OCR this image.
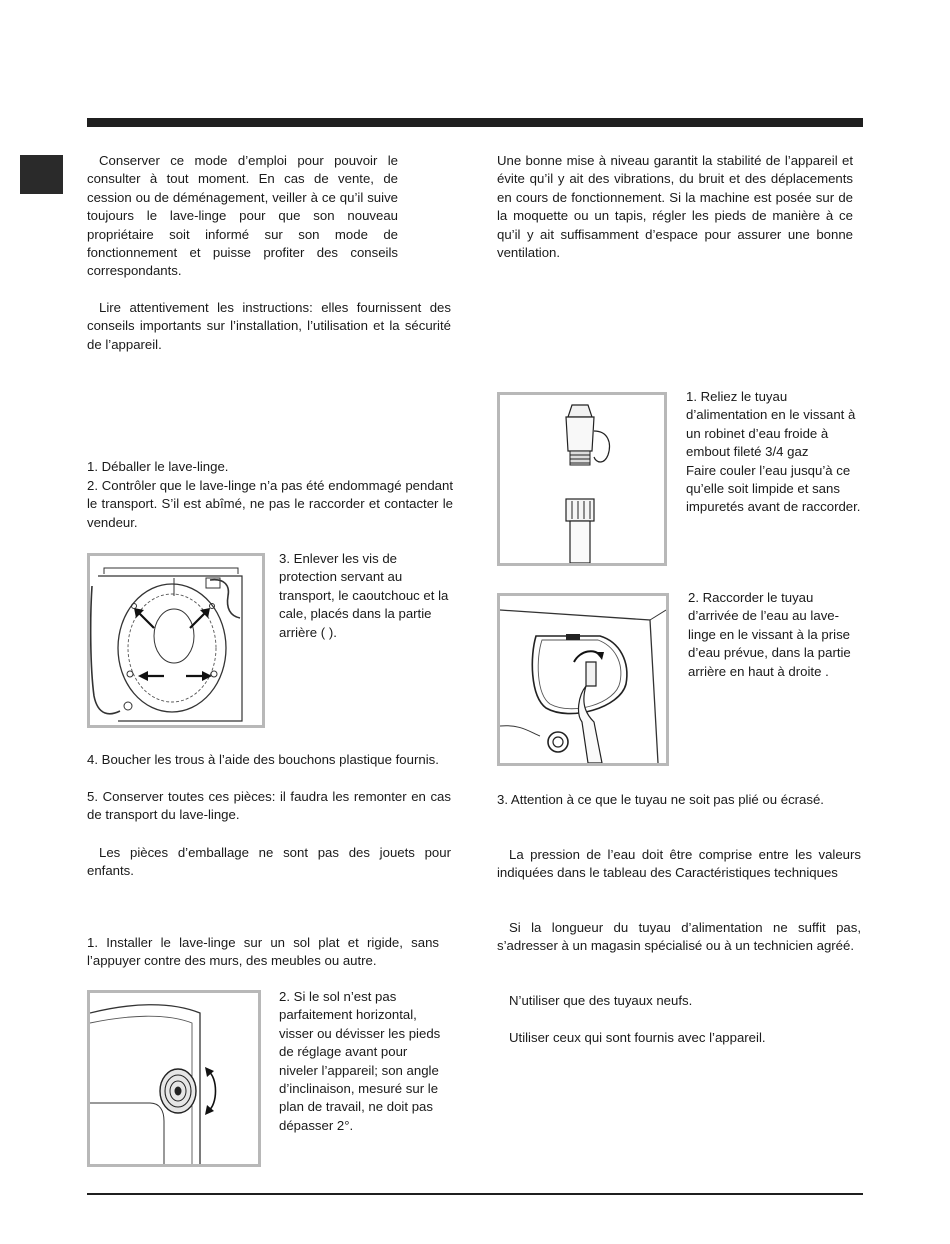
Conserver ce mode d’emploi pour pouvoir le consulter à tout moment. En cas de vente, de cession ou de déménagement, veiller à ce qu’il suive toujours le lave-linge pour que son nouveau propriétaire soit informé sur son mode de fonctionnement et puisse profiter des conseils correspondants.

Lire attentivement les instructions: elles fournissent des conseils importants sur l’installation, l’utilisation et la sécurité de l’appareil.

1. Déballer le lave-linge.

2. Contrôler que le lave-linge n’a pas été endommagé pendant le transport. S’il est abîmé, ne pas le raccorder et contacter le vendeur.

3. Enlever les vis de protection servant au transport, le caoutchouc et la cale, placés dans la partie arrière ( ).

4. Boucher les trous à l’aide des bouchons plastique fournis.

5. Conserver toutes ces pièces: il faudra les remonter en cas de transport du lave-linge.

Les pièces d’emballage ne sont pas des jouets pour enfants.

1. Installer le lave-linge sur un sol plat et rigide, sans l’appuyer contre des murs, des meubles ou autre.

2. Si le sol n’est pas parfaitement horizontal, visser ou dévisser les pieds de réglage avant pour niveler l’appareil; son angle d’inclinaison, mesuré sur le plan de travail, ne doit pas dépasser 2°.

Une bonne mise à niveau garantit la stabilité de l’appareil et évite qu’il y ait des vibrations, du bruit et des déplacements en cours de fonctionnement. Si la machine est posée sur de la moquette ou un tapis, régler les pieds de manière à ce qu’il y ait suffisamment d’espace pour assurer une bonne ventilation.

1. Reliez le tuyau d’alimentation en le vissant à un robinet d’eau froide à embout fileté 3/4 gaz
Faire couler l’eau jusqu’à ce qu’elle soit limpide et sans impuretés avant de raccorder.

2. Raccorder le tuyau d’arrivée de l’eau au lave-linge en le vissant à la prise d’eau prévue, dans la partie arrière en haut à droite .

3. Attention à ce que le tuyau ne soit pas plié ou écrasé.

La pression de l’eau doit être comprise entre les valeurs indiquées dans le tableau des Caractéristiques techniques

Si la longueur du tuyau d’alimentation ne suffit pas, s’adresser à un magasin spécialisé ou à un technicien agréé.

N’utiliser que des tuyaux neufs.

Utiliser ceux qui sont fournis avec l’appareil.
